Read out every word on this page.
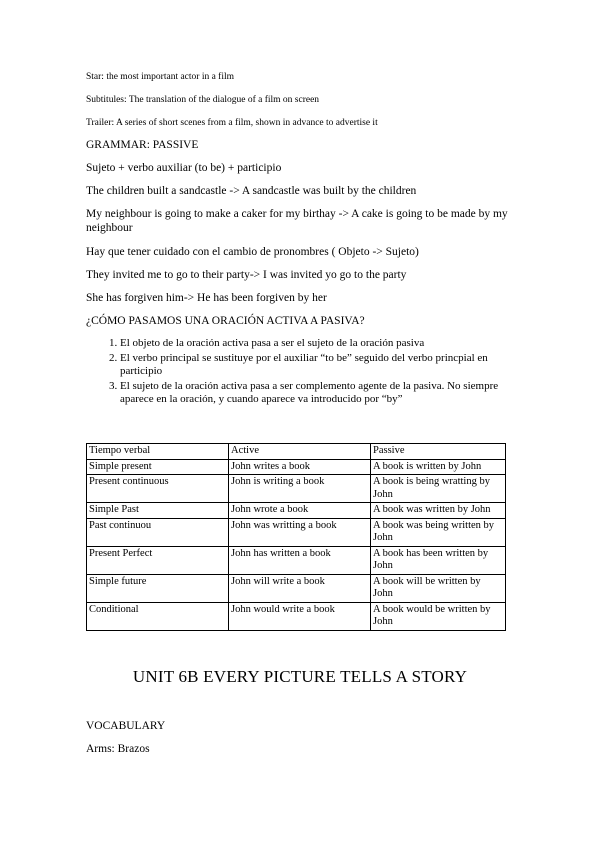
Star: the most important actor in a film
Subtitules: The translation of the dialogue of a film on screen
Trailer: A series of short scenes from a film, shown in advance to advertise it
GRAMMAR: PASSIVE
Sujeto + verbo auxiliar (to be) + participio
The children built a sandcastle -> A sandcastle was built by the children
My neighbour is going to make a caker for my birthay -> A cake is going to be made by my neighbour
Hay que tener cuidado con el cambio de pronombres ( Objeto -> Sujeto)
They invited me to go to their party-> I was invited yo go to the party
She has forgiven him-> He has been forgiven by her
¿CÓMO PASAMOS UNA ORACIÓN ACTIVA A PASIVA?
1. El objeto de la oración activa pasa a ser el sujeto de la oración pasiva
2. El verbo principal se sustituye por el auxiliar “to be” seguido del verbo princpial en participio
3. El sujeto de la oración activa pasa a ser complemento agente de la pasiva. No siempre aparece en la oración, y cuando aparece va introducido por “by”
Tiempo verbal	Active	Passive
Simple present	John writes a book	A book is written by John
Present continuous	John is writing a book	A book is being wratting by John
Simple Past	John wrote a book	A book was written by John
Past continuou	John was writting a book	A book was being written by John
Present Perfect	John has written a book	A book has been written by John
Simple future	John will write a book	A book will be written by John
Conditional	John would write a book	A book would be written by John
UNIT 6B EVERY PICTURE TELLS A STORY
VOCABULARY
Arms: Brazos
